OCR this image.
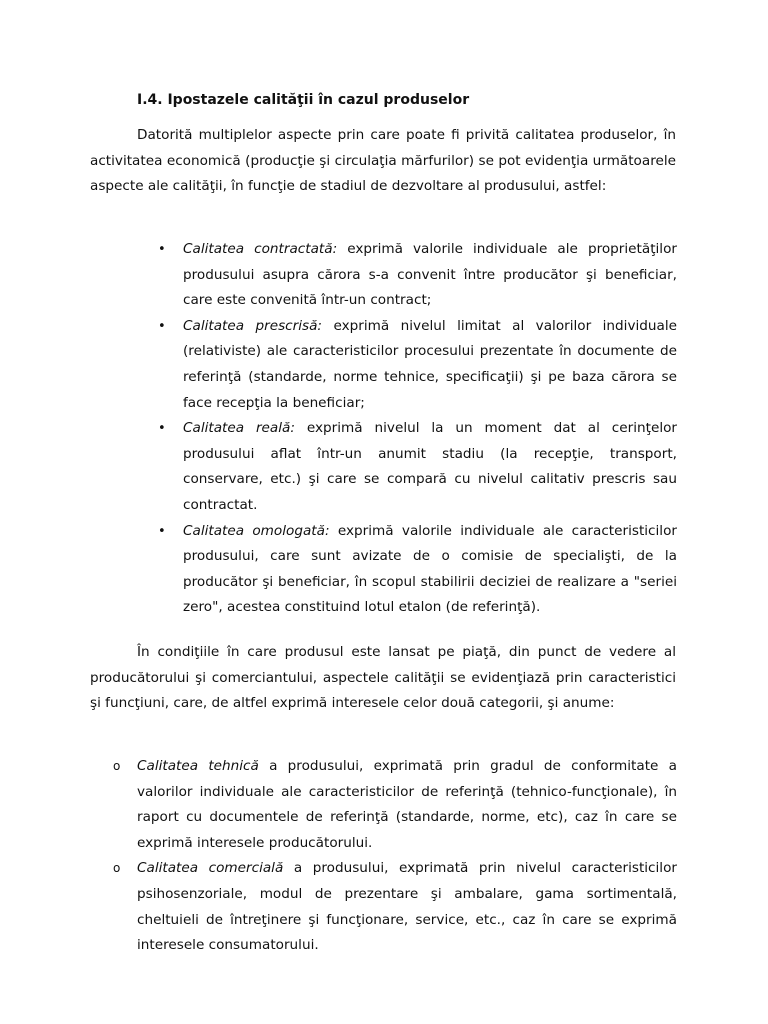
I.4. Ipostazele calităţii în cazul produselor

Datorită multiplelor aspecte prin care poate fi privită calitatea produselor, în activitatea economică (producţie şi circulaţia mărfurilor) se pot evidenţia următoarele aspecte ale calităţii, în funcţie de stadiul de dezvoltare al produsului, astfel:

• Calitatea contractată: exprimă valorile individuale ale proprietăţilor produsului asupra cărora s-a convenit între producător şi beneficiar, care este convenită într-un contract;
• Calitatea prescrisă: exprimă nivelul limitat al valorilor individuale (relativiste) ale caracteristicilor procesului prezentate în documente de referinţă (standarde, norme tehnice, specificaţii) şi pe baza cărora se face recepţia la beneficiar;
• Calitatea reală: exprimă nivelul la un moment dat al cerinţelor produsului aflat într-un anumit stadiu (la recepţie, transport, conservare, etc.) şi care se compară cu nivelul calitativ prescris sau contractat.
• Calitatea omologată: exprimă valorile individuale ale caracteristicilor produsului, care sunt avizate de o comisie de specialişti, de la producător şi beneficiar, în scopul stabilirii deciziei de realizare a "seriei zero", acestea constituind lotul etalon (de referinţă).

În condiţiile în care produsul este lansat pe piaţă, din punct de vedere al producătorului şi comerciantului, aspectele calităţii se evidenţiază prin caracteristici şi funcţiuni, care, de altfel exprimă interesele celor două categorii, şi anume:

o Calitatea tehnică a produsului, exprimată prin gradul de conformitate a valorilor individuale ale caracteristicilor de referinţă (tehnico-funcţionale), în raport cu documentele de referinţă (standarde, norme, etc), caz în care se exprimă interesele producătorului.
o Calitatea comercială a produsului, exprimată prin nivelul caracteristicilor psihosenzoriale, modul de prezentare şi ambalare, gama sortimentală, cheltuieli de întreţinere şi funcţionare, service, etc., caz în care se exprimă interesele consumatorului.
